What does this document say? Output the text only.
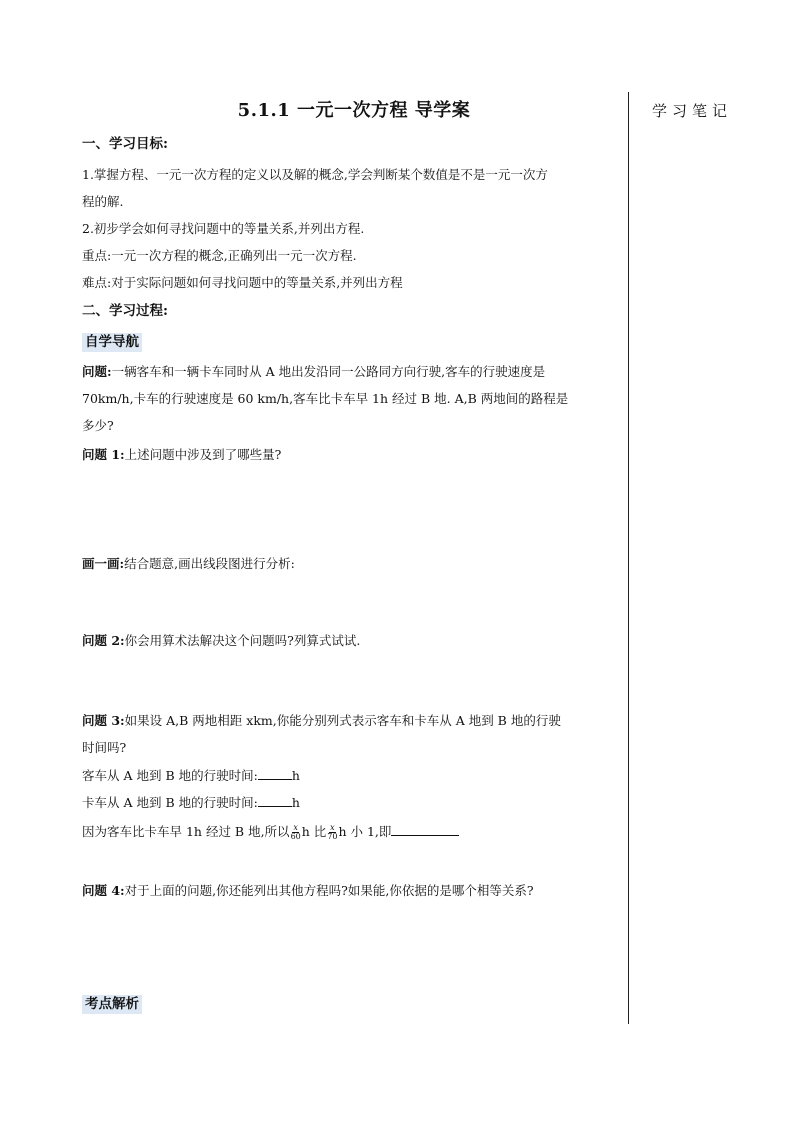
5.1.1 一元一次方程 导学案	学习笔记
一、学习目标:
1.掌握方程、一元一次方程的定义以及解的概念,学会判断某个数值是不是一元一次方
程的解.
2.初步学会如何寻找问题中的等量关系,并列出方程.
重点:一元一次方程的概念,正确列出一元一次方程.
难点:对于实际问题如何寻找问题中的等量关系,并列出方程
二、学习过程:
自学导航
问题:一辆客车和一辆卡车同时从 A 地出发沿同一公路同方向行驶,客车的行驶速度是
70km/h,卡车的行驶速度是 60 km/h,客车比卡车早 1h 经过 B 地. A,B 两地间的路程是
多少?
问题 1:上述问题中涉及到了哪些量?
画一画:结合题意,画出线段图进行分析:
问题 2:你会用算术法解决这个问题吗?列算式试试.
问题 3:如果设 A,B 两地相距 xkm,你能分别列式表示客车和卡车从 A 地到 B 地的行驶
时间吗?
客车从 A 地到 B 地的行驶时间:	h
卡车从 A 地到 B 地的行驶时间:	h
因为客车比卡车早 1h 经过 B 地,所以 $\frac{x}{60}$ h 比 $\frac{x}{70}$ h 小 1,即
问题 4:对于上面的问题,你还能列出其他方程吗?如果能,你依据的是哪个相等关系?
考点解析
